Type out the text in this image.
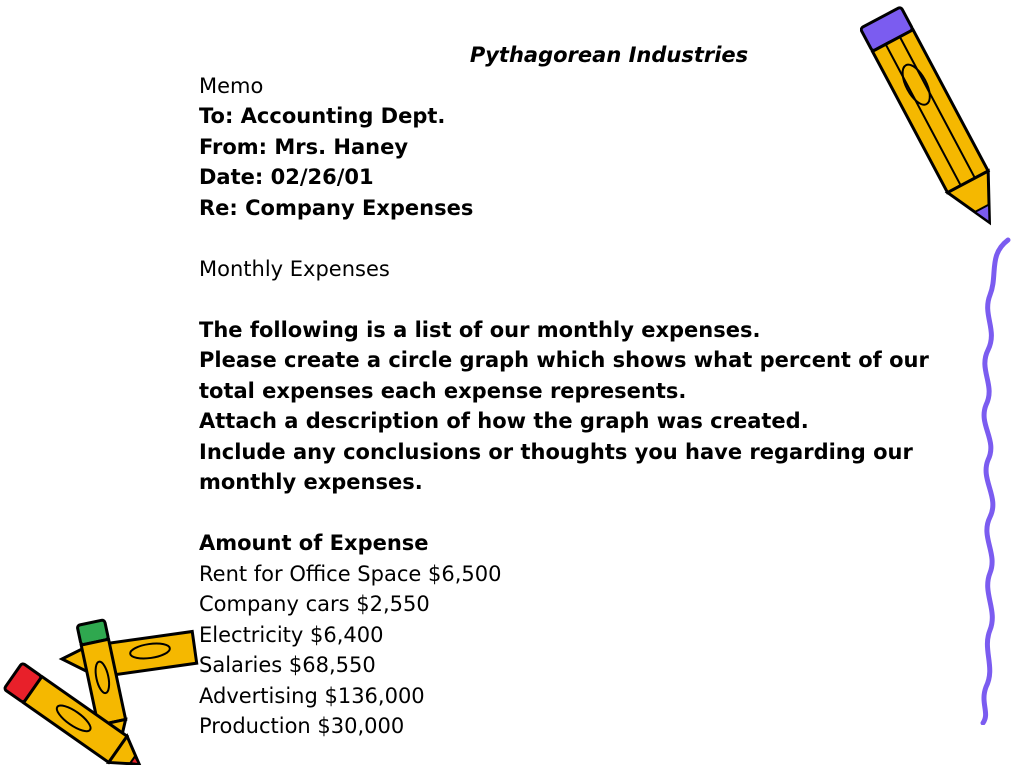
Pythagorean Industries
Memo
To: Accounting Dept.
From: Mrs. Haney
Date: 02/26/01
Re: Company Expenses
Monthly Expenses
The following is a list of our monthly expenses.
Please create a circle graph which shows what percent of our total expenses each expense represents.
Attach a description of how the graph was created.
Include any conclusions or thoughts you have regarding our monthly expenses.
Amount of Expense
Rent for Office Space $6,500
Company cars $2,550
Electricity $6,400
Salaries $68,550
Advertising $136,000
Production $30,000
